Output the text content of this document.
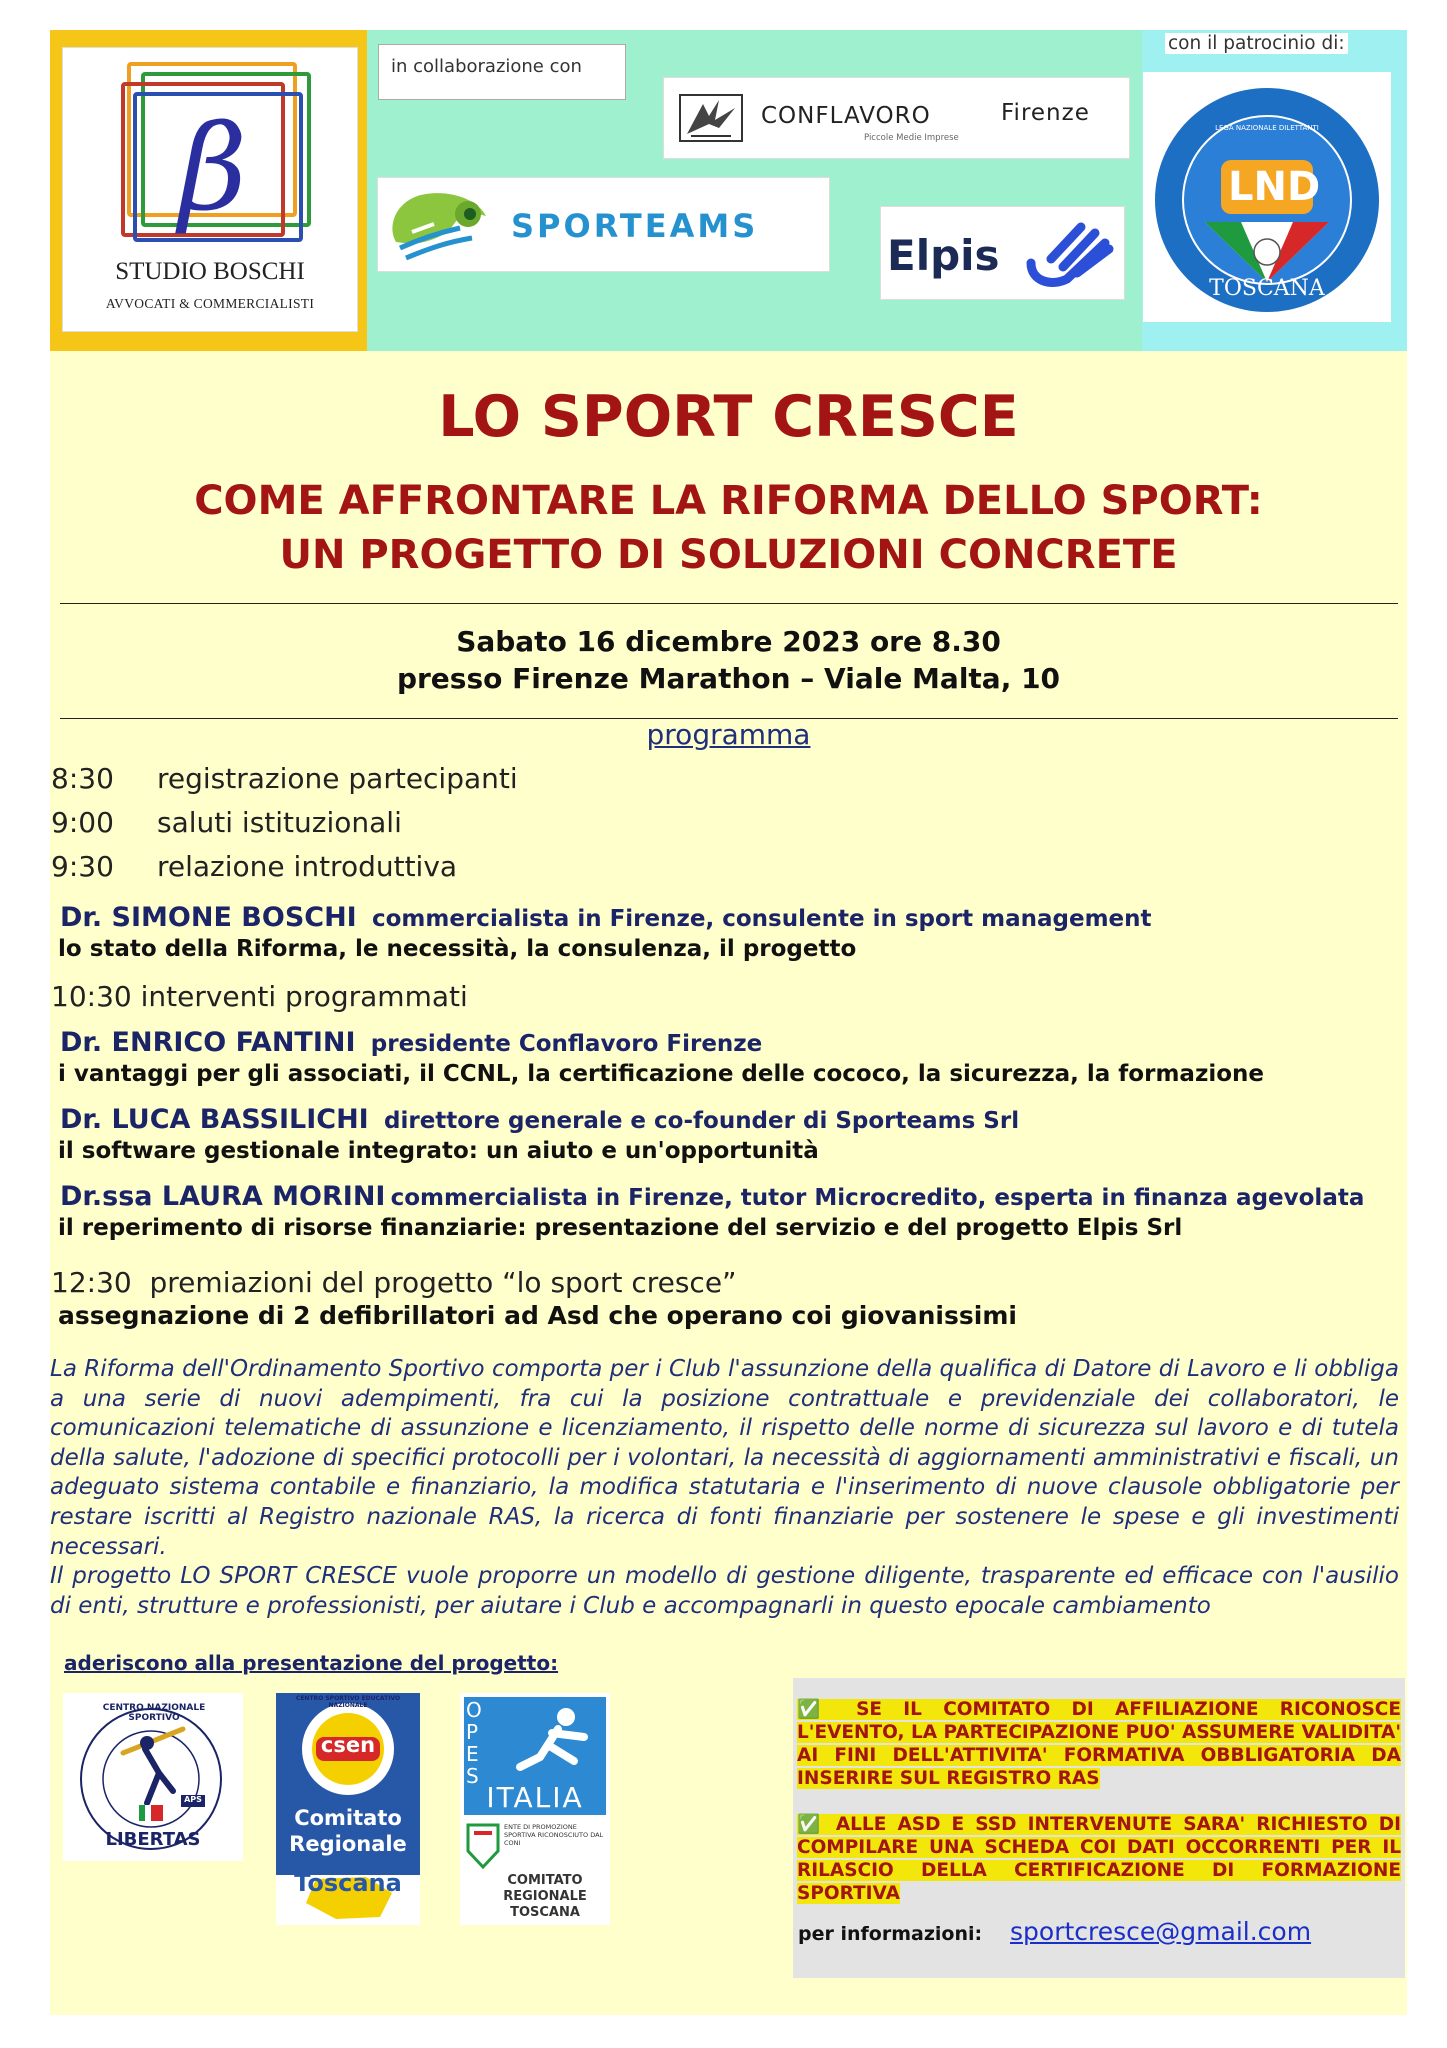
β
STUDIO BOSCHI
AVVOCATI & COMMERCIALISTI
in collaborazione con
CONFLAVORO	Firenze
Piccole Medie Imprese
SPORTEAMS
Elpis
con il patrocinio di:
LND
TOSCANA
LEGA NAZIONALE DILETTANTI
LO SPORT CRESCE
COME AFFRONTARE LA RIFORMA DELLO SPORT:
UN PROGETTO DI SOLUZIONI CONCRETE
Sabato 16 dicembre 2023 ore 8.30
presso Firenze Marathon – Viale Malta, 10
programma
8:30 registrazione partecipanti
9:00 saluti istituzionali
9:30 relazione introduttiva
Dr. SIMONE BOSCHI commercialista in Firenze, consulente in sport management
lo stato della Riforma, le necessità, la consulenza, il progetto
10:30 interventi programmati
Dr. ENRICO FANTINI presidente Conflavoro Firenze
i vantaggi per gli associati, il CCNL, la certificazione delle cococo, la sicurezza, la formazione
Dr. LUCA BASSILICHI direttore generale e co-founder di Sporteams Srl
il software gestionale integrato: un aiuto e un'opportunità
Dr.ssa LAURA MORINI commercialista in Firenze, tutor Microcredito, esperta in finanza agevolata
il reperimento di risorse finanziarie: presentazione del servizio e del progetto Elpis Srl
12:30 premiazioni del progetto “lo sport cresce”
assegnazione di 2 defibrillatori ad Asd che operano coi giovanissimi

La Riforma dell'Ordinamento Sportivo comporta per i Club l'assunzione della qualifica di Datore di Lavoro e li obbliga a una serie di nuovi adempimenti, fra cui la posizione contrattuale e previdenziale dei collaboratori, le comunicazioni telematiche di assunzione e licenziamento, il rispetto delle norme di sicurezza sul lavoro e di tutela della salute, l'adozione di specifici protocolli per i volontari, la necessità di aggiornamenti amministrativi e fiscali, un adeguato sistema contabile e finanziario, la modifica statutaria e l'inserimento di nuove clausole obbligatorie per restare iscritti al Registro nazionale RAS, la ricerca di fonti finanziarie per sostenere le spese e gli investimenti necessari.

Il progetto LO SPORT CRESCE vuole proporre un modello di gestione diligente, trasparente ed efficace con l'ausilio di enti, strutture e professionisti, per aiutare i Club e accompagnarli in questo epocale cambiamento

aderiscono alla presentazione del progetto:
CENTRO NAZIONALE SPORTIVO
APS
LIBERTAS
csen
CENTRO SPORTIVO EDUCATIVO NAZIONALE
Comitato
Regionale
Toscana
OPES
ITALIA
ENTE DI PROMOZIONE SPORTIVA RICONOSCIUTO DAL CONI
COMITATO
REGIONALE
TOSCANA
✅ SE IL COMITATO DI AFFILIAZIONE RICONOSCE L'EVENTO, LA PARTECIPAZIONE PUO' ASSUMERE VALIDITA' AI FINI DELL'ATTIVITA' FORMATIVA OBBLIGATORIA DA INSERIRE SUL REGISTRO RAS
✅ ALLE ASD E SSD INTERVENUTE SARA' RICHIESTO DI COMPILARE UNA SCHEDA COI DATI OCCORRENTI PER IL RILASCIO DELLA CERTIFICAZIONE DI FORMAZIONE SPORTIVA
per informazioni: sportcresce@gmail.com
